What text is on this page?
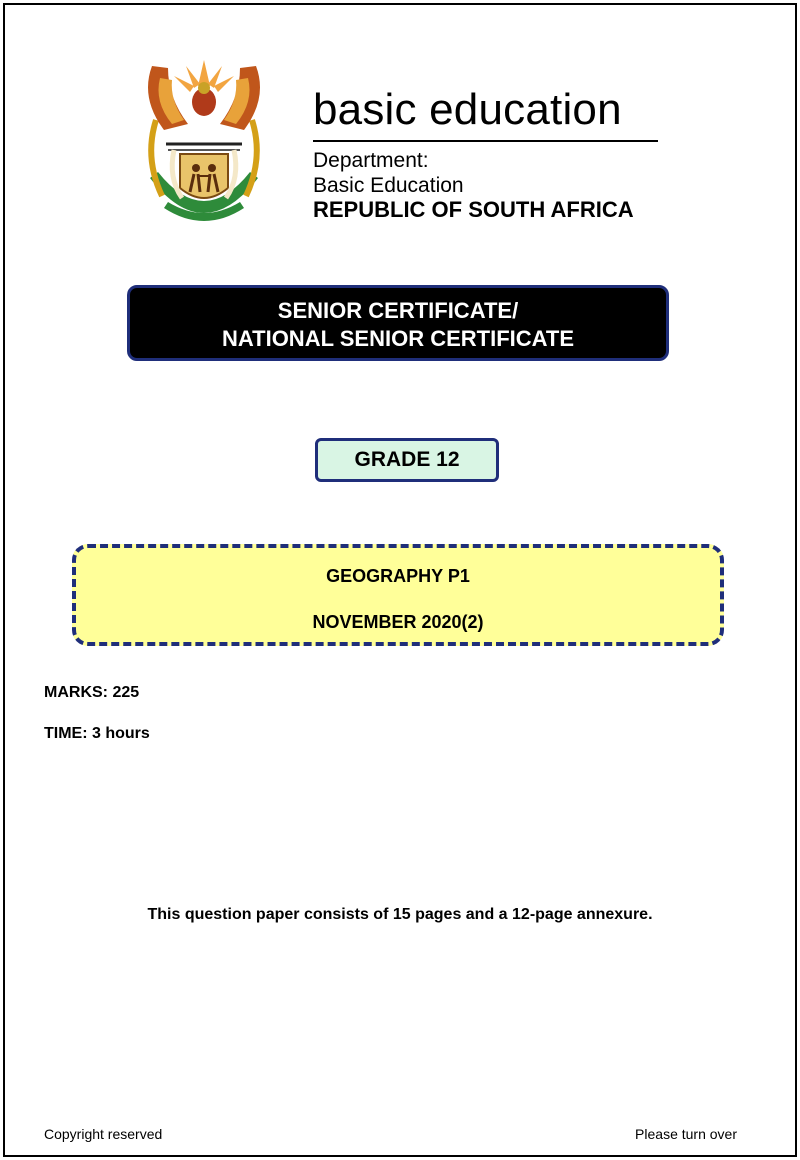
basic education
Department:
Basic Education
REPUBLIC OF SOUTH AFRICA
SENIOR CERTIFICATE/
NATIONAL SENIOR CERTIFICATE
GRADE 12
GEOGRAPHY P1
NOVEMBER 2020(2)
MARKS: 225
TIME: 3 hours
This question paper consists of 15 pages and a 12-page annexure.
Copyright reserved	Please turn over
